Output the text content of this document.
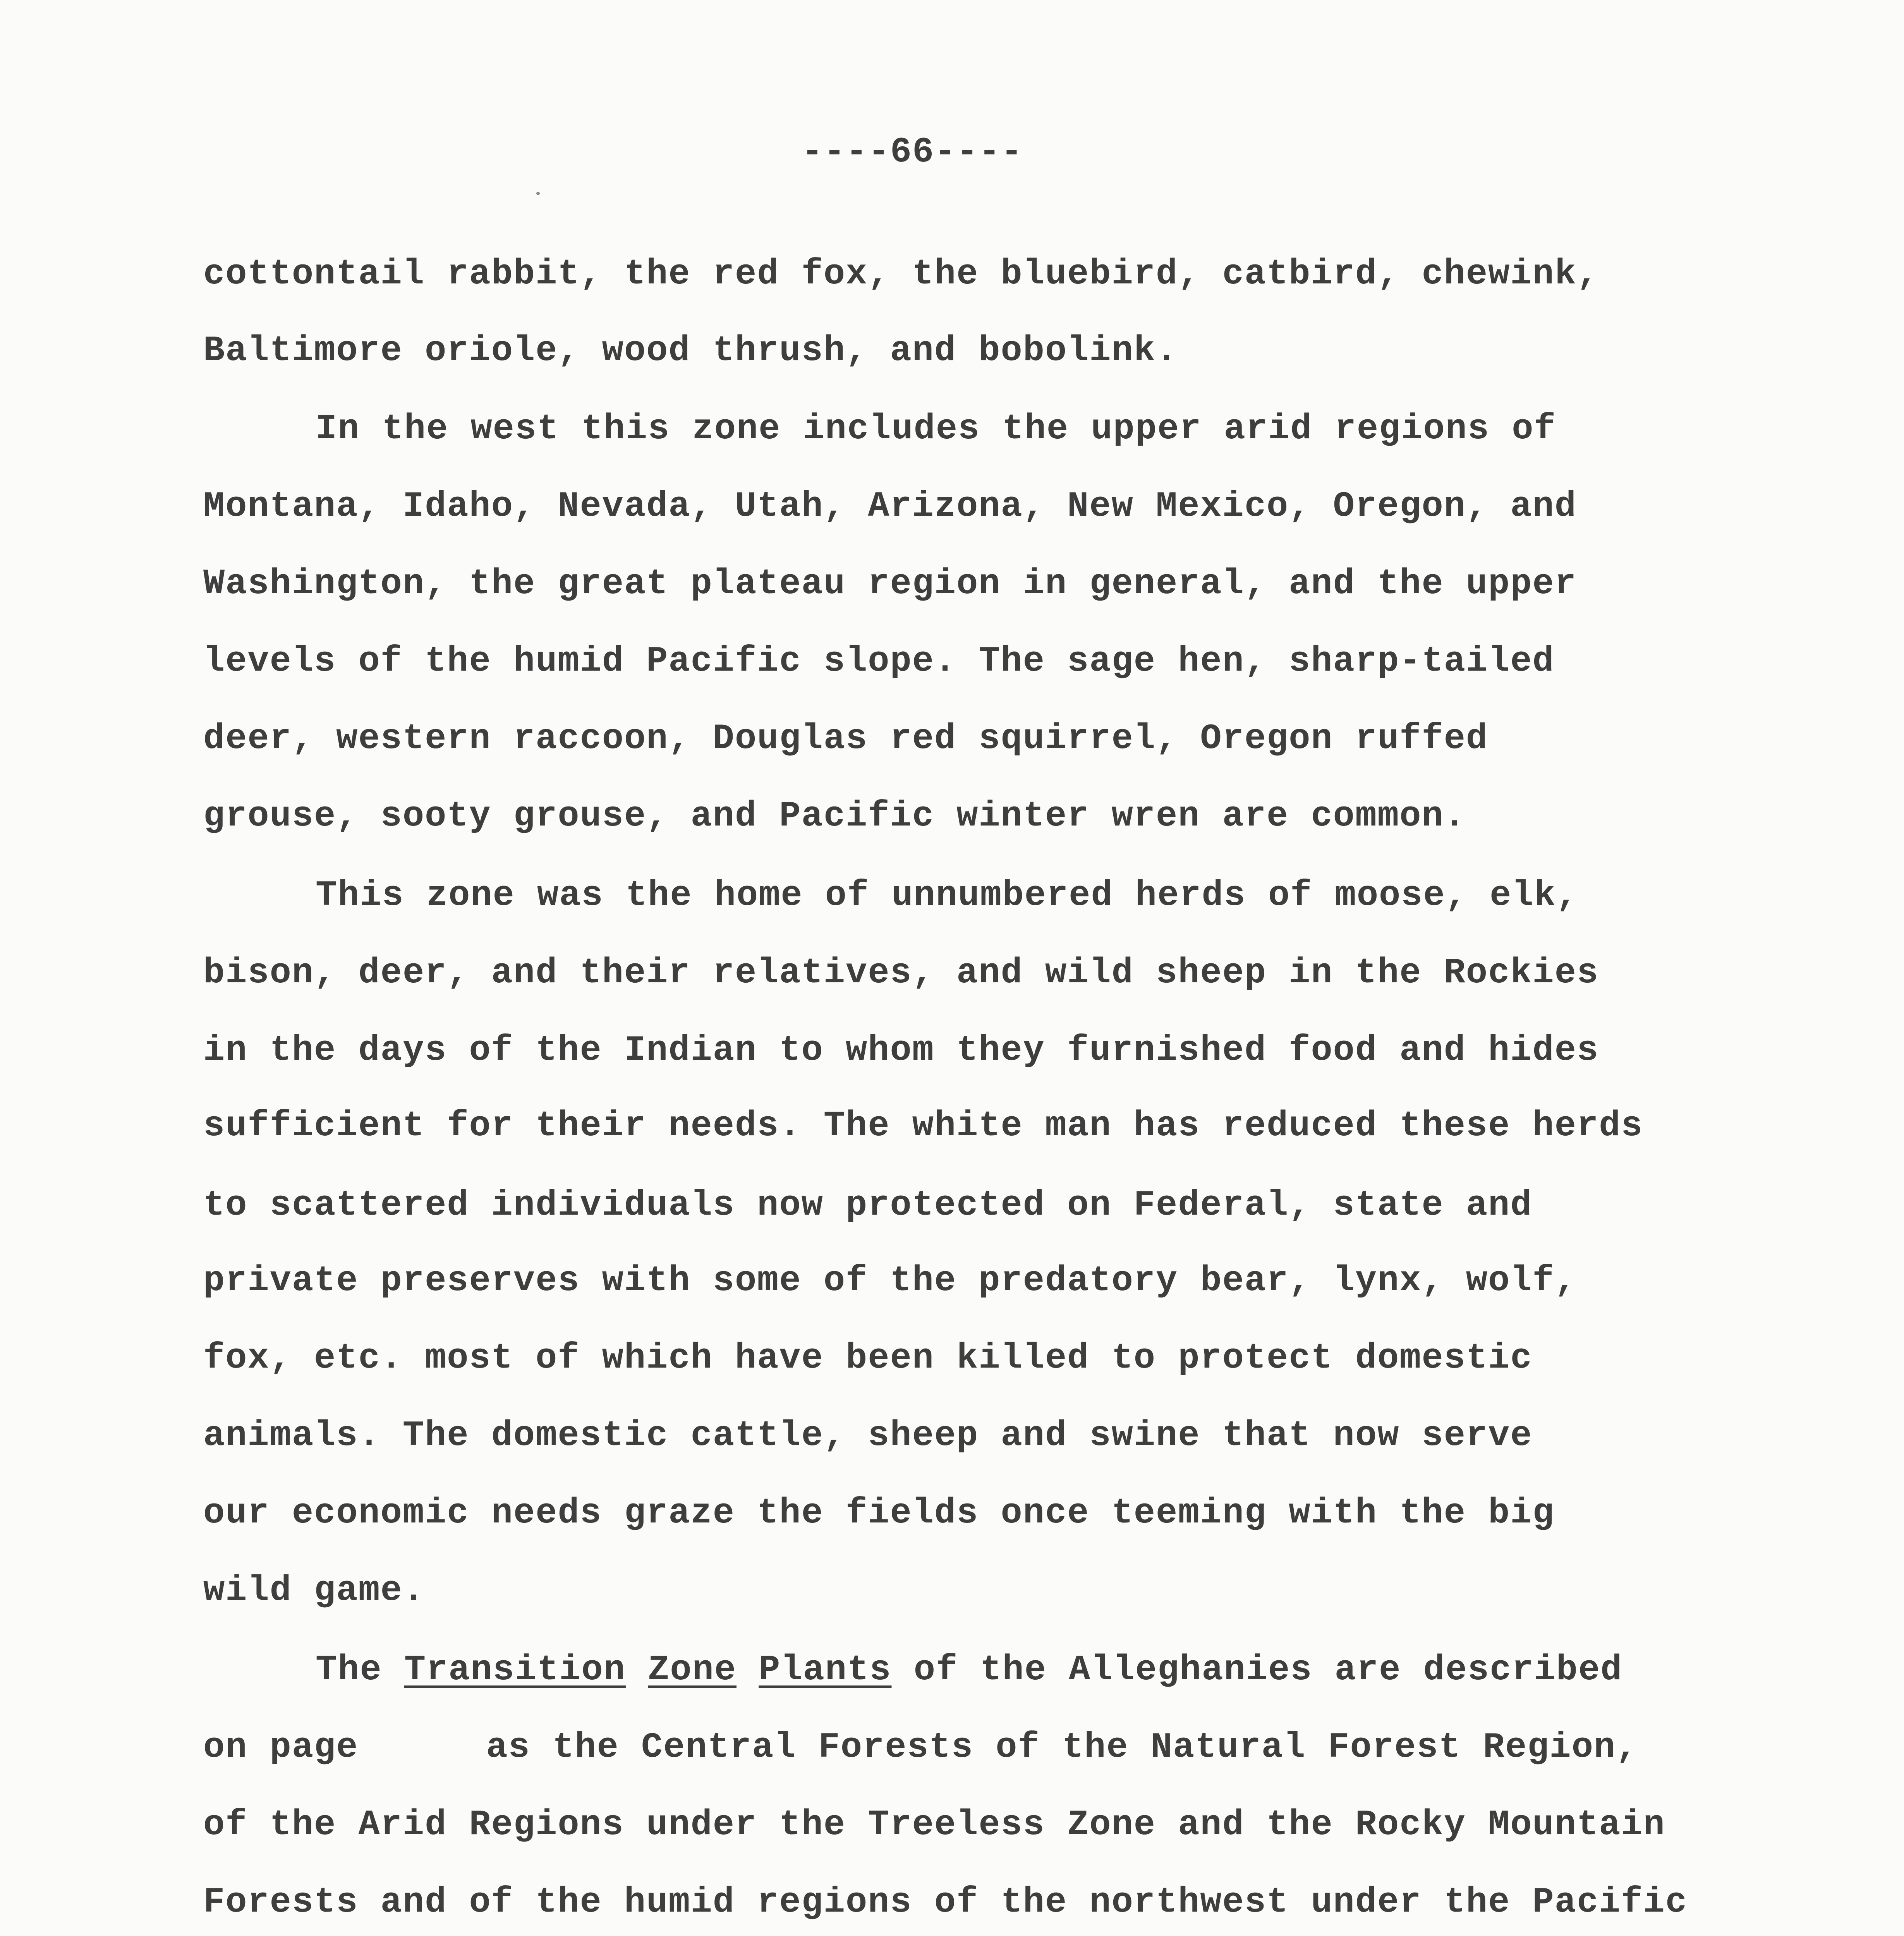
----66----

cottontail rabbit, the red fox, the bluebird, catbird, chewink,

Baltimore oriole, wood thrush, and bobolink.

In the west this zone includes the upper arid regions of

Montana, Idaho, Nevada, Utah, Arizona, New Mexico, Oregon, and

Washington, the great plateau region in general, and the upper

levels of the humid Pacific slope. The sage hen, sharp-tailed

deer, western raccoon, Douglas red squirrel, Oregon ruffed

grouse, sooty grouse, and Pacific winter wren are common.

This zone was the home of unnumbered herds of moose, elk,

bison, deer, and their relatives, and wild sheep in the Rockies

in the days of the Indian to whom they furnished food and hides

sufficient for their needs. The white man has reduced these herds

to scattered individuals now protected on Federal, state and

private preserves with some of the predatory bear, lynx, wolf,

fox, etc. most of which have been killed to protect domestic

animals. The domestic cattle, sheep and swine that now serve

our economic needs graze the fields once teeming with the big

wild game.

The Transition Zone Plants of the Alleghanies are described

on page	as the Central Forests of the Natural Forest Region,

of the Arid Regions under the Treeless Zone and the Rocky Mountain

Forests and of the humid regions of the northwest under the Pacific
